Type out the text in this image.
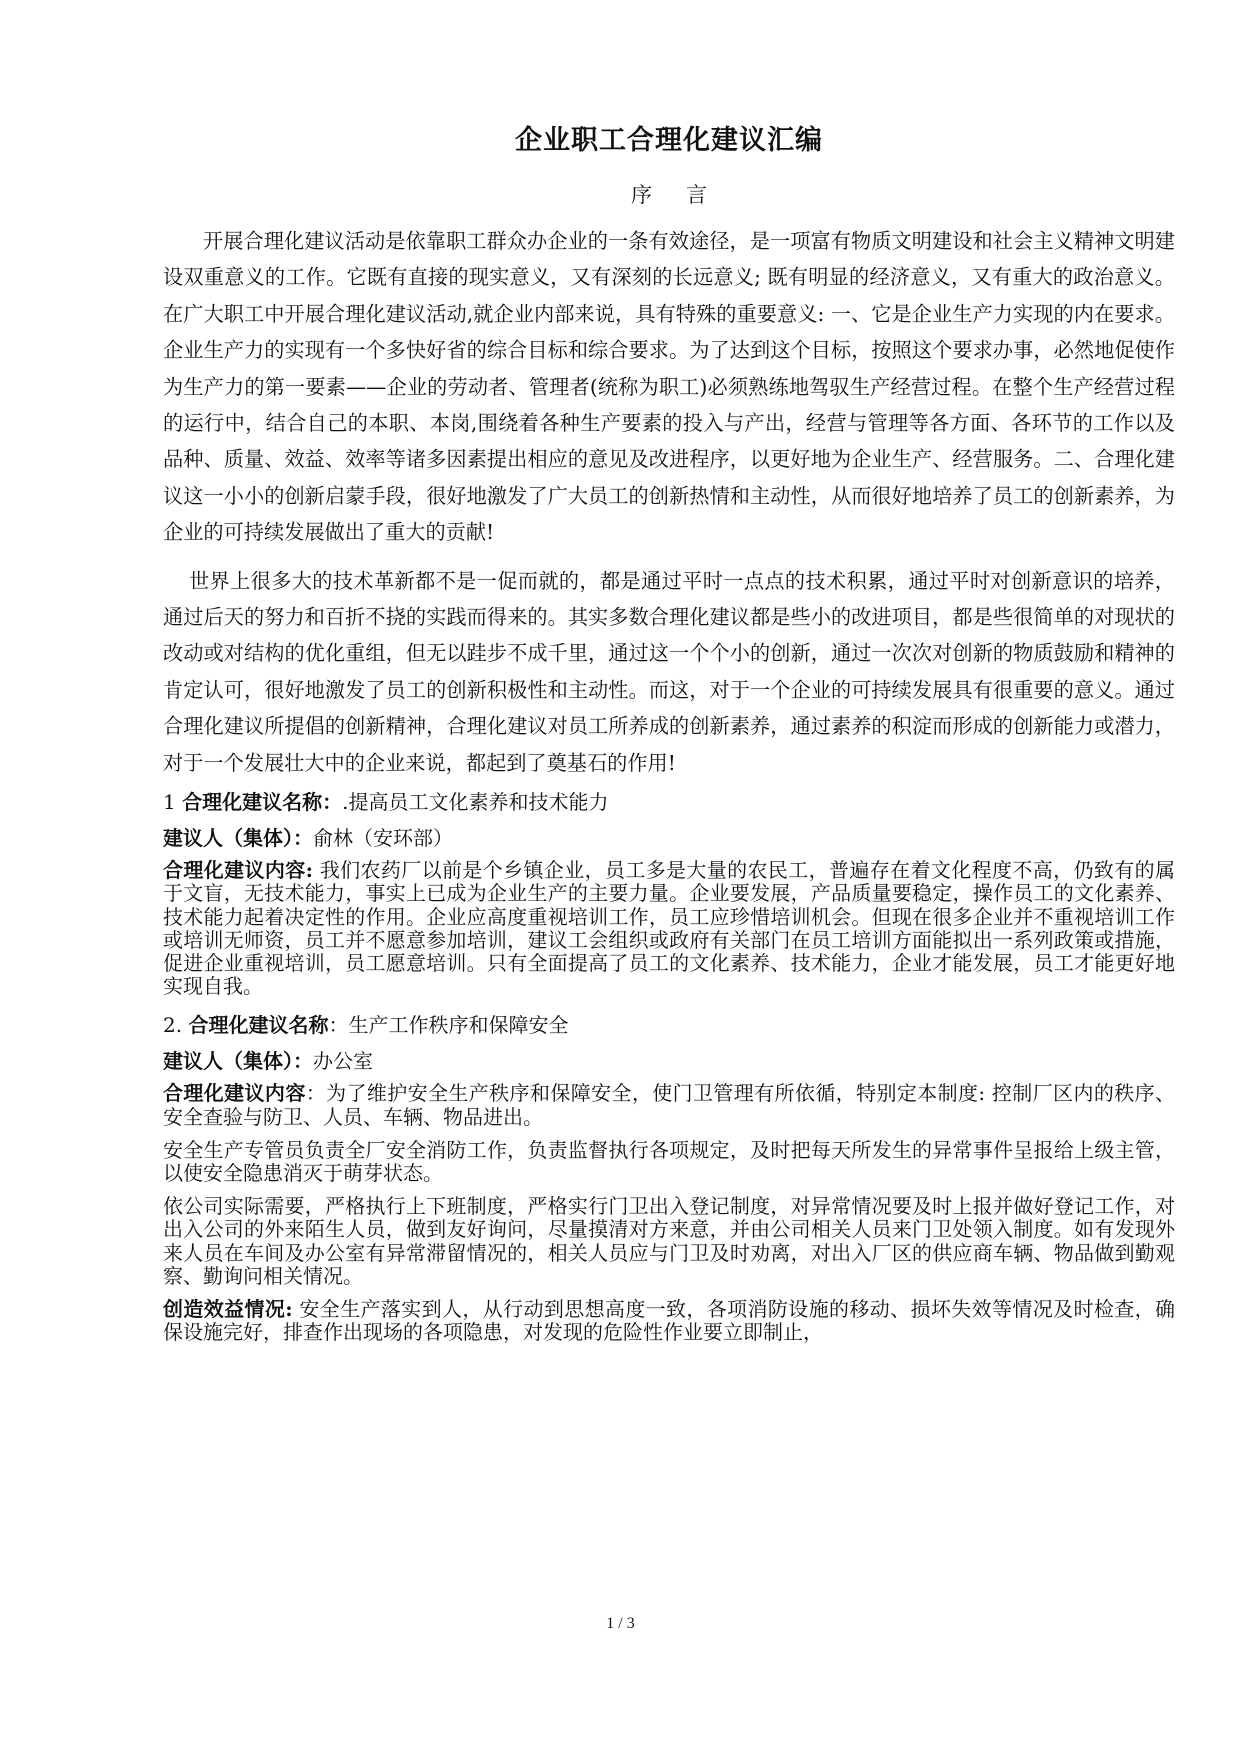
企业职工合理化建议汇编
序 言

开展合理化建议活动是依靠职工群众办企业的一条有效途径，是一项富有物质文明建设和社会主义精神文明建设双重意义的工作。它既有直接的现实意义，又有深刻的长远意义; 既有明显的经济意义，又有重大的政治意义。在广大职工中开展合理化建议活动,就企业内部来说，具有特殊的重要意义: 一、它是企业生产力实现的内在要求。企业生产力的实现有一个多快好省的综合目标和综合要求。为了达到这个目标，按照这个要求办事，必然地促使作为生产力的第一要素——企业的劳动者、管理者(统称为职工)必须熟练地驾驭生产经营过程。在整个生产经营过程的运行中，结合自己的本职、本岗,围绕着各种生产要素的投入与产出，经营与管理等各方面、各环节的工作以及品种、质量、效益、效率等诸多因素提出相应的意见及改进程序，以更好地为企业生产、经营服务。二、合理化建议这一小小的创新启蒙手段，很好地激发了广大员工的创新热情和主动性，从而很好地培养了员工的创新素养，为企业的可持续发展做出了重大的贡献!

世界上很多大的技术革新都不是一促而就的，都是通过平时一点点的技术积累，通过平时对创新意识的培养，通过后天的努力和百折不挠的实践而得来的。其实多数合理化建议都是些小的改进项目，都是些很简单的对现状的改动或对结构的优化重组，但无以跬步不成千里，通过这一个个小的创新，通过一次次对创新的物质鼓励和精神的肯定认可，很好地激发了员工的创新积极性和主动性。而这，对于一个企业的可持续发展具有很重要的意义。通过合理化建议所提倡的创新精神，合理化建议对员工所养成的创新素养，通过素养的积淀而形成的创新能力或潜力，对于一个发展壮大中的企业来说，都起到了奠基石的作用!

1 合理化建议名称：.提高员工文化素养和技术能力
建议人（集体）：俞林（安环部）
合理化建议内容: 我们农药厂以前是个乡镇企业，员工多是大量的农民工，普遍存在着文化程度不高，仍致有的属于文盲，无技术能力，事实上已成为企业生产的主要力量。企业要发展，产品质量要稳定，操作员工的文化素养、技术能力起着决定性的作用。企业应高度重视培训工作，员工应珍惜培训机会。但现在很多企业并不重视培训工作或培训无师资，员工并不愿意参加培训，建议工会组织或政府有关部门在员工培训方面能拟出一系列政策或措施，促进企业重视培训，员工愿意培训。只有全面提高了员工的文化素养、技术能力，企业才能发展，员工才能更好地实现自我。
2. 合理化建议名称：生产工作秩序和保障安全
建议人（集体）：办公室
合理化建议内容：为了维护安全生产秩序和保障安全，使门卫管理有所依循，特别定本制度: 控制厂区内的秩序、安全查验与防卫、人员、车辆、物品进出。
安全生产专管员负责全厂安全消防工作，负责监督执行各项规定，及时把每天所发生的异常事件呈报给上级主管，以使安全隐患消灭于萌芽状态。
依公司实际需要，严格执行上下班制度，严格实行门卫出入登记制度，对异常情况要及时上报并做好登记工作，对出入公司的外来陌生人员，做到友好询问，尽量摸清对方来意，并由公司相关人员来门卫处领入制度。如有发现外来人员在车间及办公室有异常滞留情况的，相关人员应与门卫及时劝离，对出入厂区的供应商车辆、物品做到勤观察、勤询问相关情况。
创造效益情况: 安全生产落实到人，从行动到思想高度一致，各项消防设施的移动、损坏失效等情况及时检查，确保设施完好，排查作出现场的各项隐患，对发现的危险性作业要立即制止，
1 / 3
